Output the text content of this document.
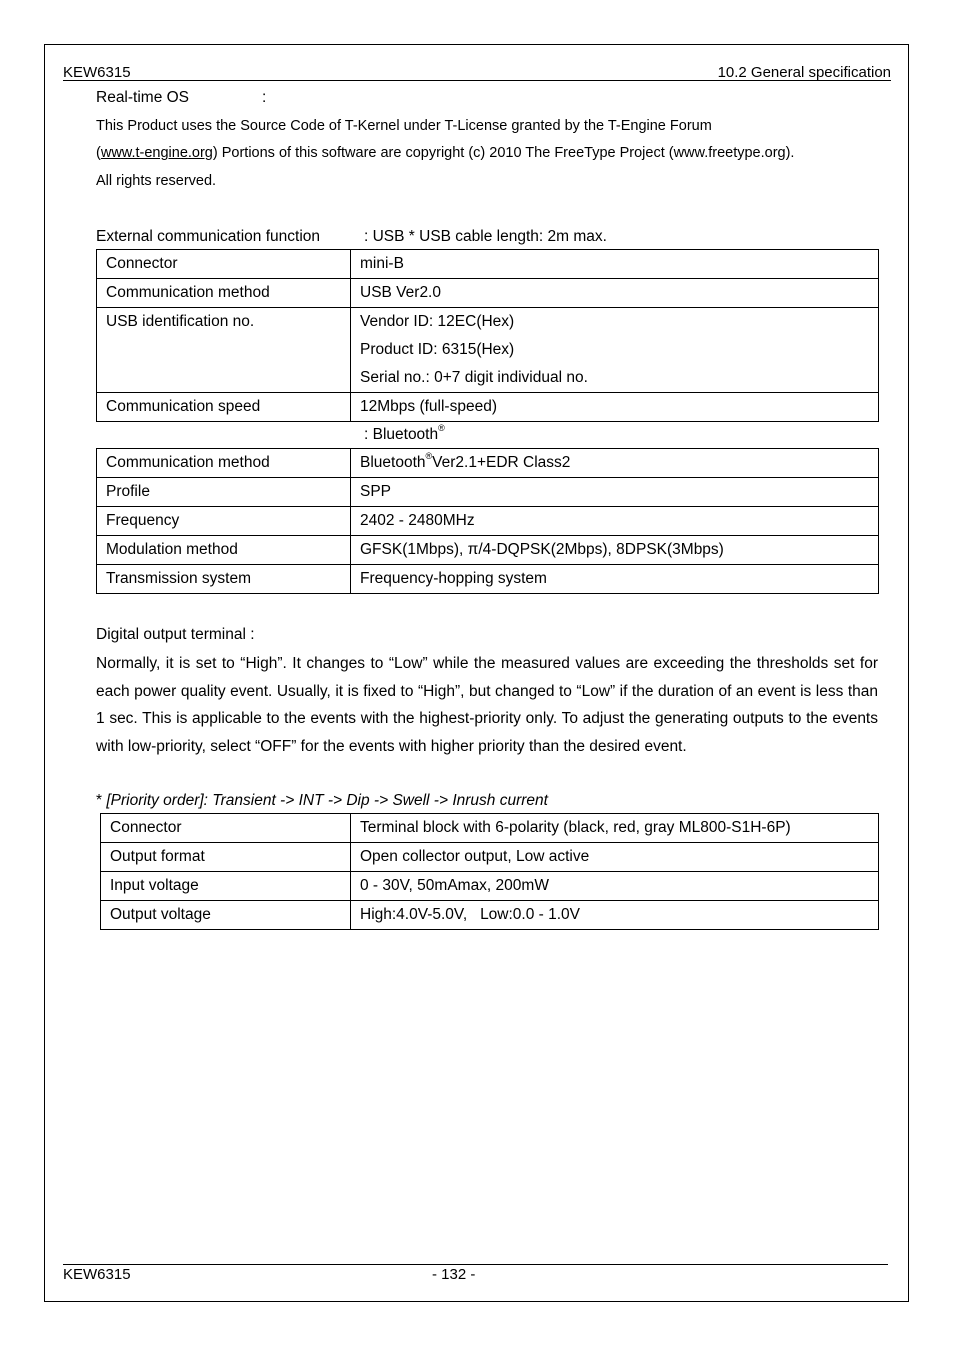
KEW6315	10.2 General specification
Real-time OS	:
This Product uses the Source Code of T-Kernel under T-License granted by the T-Engine Forum
(www.t-engine.org) Portions of this software are copyright (c) 2010 The FreeType Project (www.freetype.org).
All rights reserved.
External communication function	: USB * USB cable length: 2m max.
Connector	mini-B
Communication method	USB Ver2.0
USB identification no.	Vendor ID: 12EC(Hex)
Product ID: 6315(Hex)
Serial no.: 0+7 digit individual no.

Communication speed	12Mbps (full-speed)
: Bluetooth®
Communication method	Bluetooth®Ver2.1+EDR Class2
Profile	SPP
Frequency	2402 - 2480MHz
Modulation method	GFSK(1Mbps), π/4-DQPSK(2Mbps), 8DPSK(3Mbps)
Transmission system	Frequency-hopping system
Digital output terminal :
Normally, it is set to “High”. It changes to “Low” while the measured values are exceeding the thresholds set for each power quality event. Usually, it is fixed to “High”, but changed to “Low” if the duration of an event is less than 1 sec. This is applicable to the events with the highest-priority only. To adjust the generating outputs to the events with low-priority, select “OFF” for the events with higher priority than the desired event.
* [Priority order]: Transient -> INT -> Dip -> Swell -> Inrush current
Connector	Terminal block with 6-polarity (black, red, gray ML800-S1H-6P)
Output format	Open collector output, Low active
Input voltage	0 - 30V, 50mAmax, 200mW
Output voltage	High:4.0V-5.0V,   Low:0.0 - 1.0V
KEW6315	- 132 -
